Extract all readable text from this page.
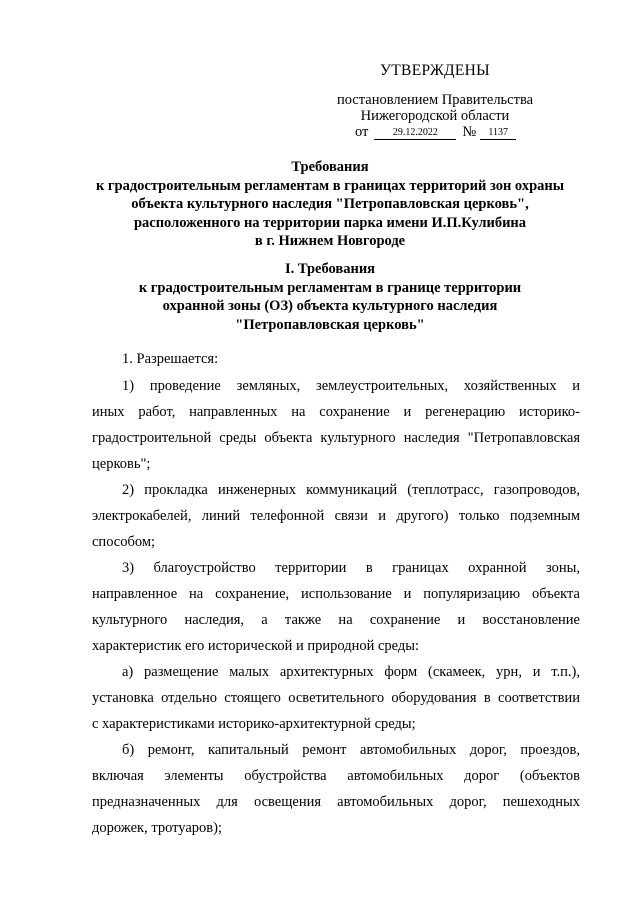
УТВЕРЖДЕНЫ
постановлением Правительства
Нижегородской области
от 29.12.2022 № 1137
Требования
к градостроительным регламентам в границах территорий зон охраны
объекта культурного наследия "Петропавловская церковь",
расположенного на территории парка имени И.П.Кулибина
в г. Нижнем Новгороде
I. Требования
к градостроительным регламентам в границе территории
охранной зоны (ОЗ) объекта культурного наследия
"Петропавловская церковь"
1. Разрешается:
1) проведение земляных, землеустроительных, хозяйственных и
иных работ, направленных на сохранение и регенерацию историко-
градостроительной среды объекта культурного наследия "Петропавловская
церковь";
2) прокладка инженерных коммуникаций (теплотрасс, газопроводов,
электрокабелей, линий телефонной связи и другого) только подземным
способом;
3) благоустройство территории в границах охранной зоны,
направленное на сохранение, использование и популяризацию объекта
культурного наследия, а также на сохранение и восстановление
характеристик его исторической и природной среды:
а) размещение малых архитектурных форм (скамеек, урн, и т.п.),
установка отдельно стоящего осветительного оборудования в соответствии
с характеристиками историко-архитектурной среды;
б) ремонт, капитальный ремонт автомобильных дорог, проездов,
включая элементы обустройства автомобильных дорог (объектов
предназначенных для освещения автомобильных дорог, пешеходных
дорожек, тротуаров);
